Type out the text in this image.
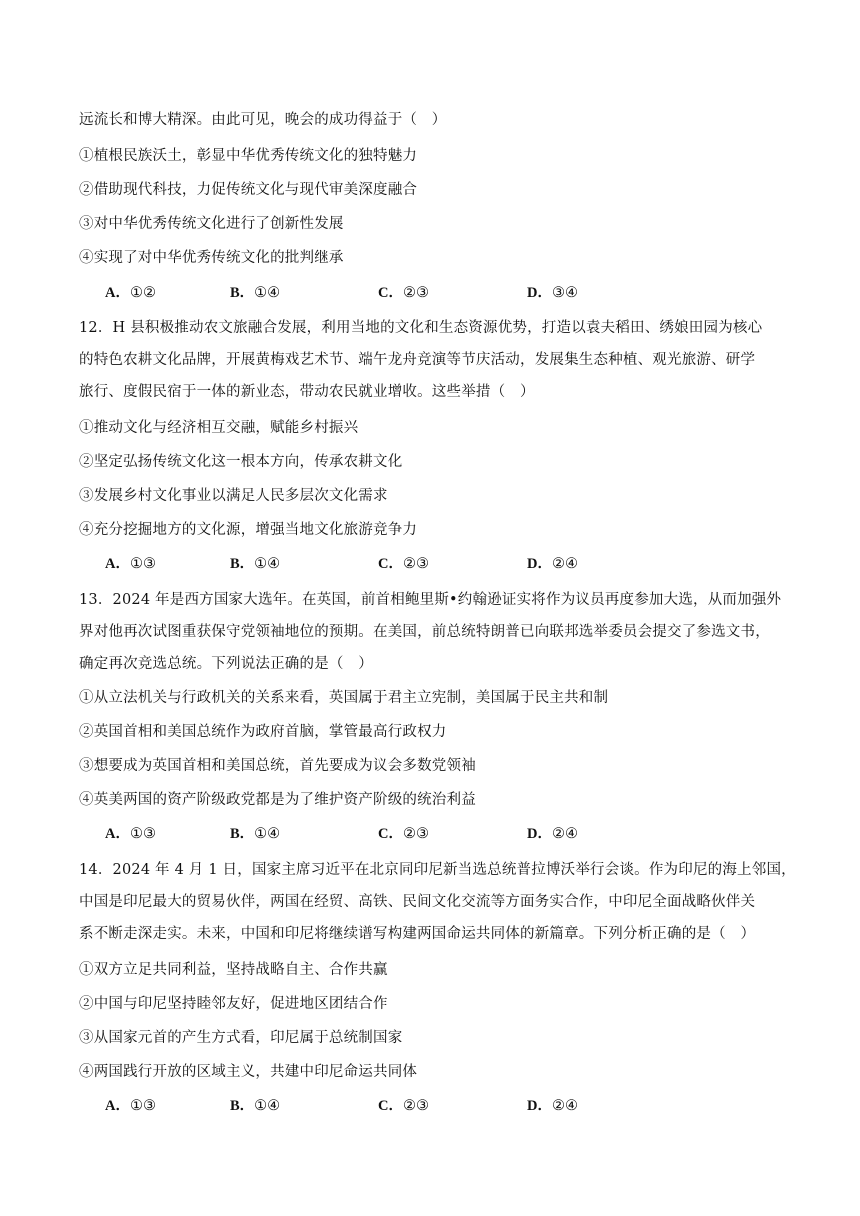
远流长和博大精深。由此可见，晚会的成功得益于（　）
①植根民族沃土，彰显中华优秀传统文化的独特魅力
②借助现代科技，力促传统文化与现代审美深度融合
③对中华优秀传统文化进行了创新性发展
④实现了对中华优秀传统文化的批判继承
A．①②	B．①④	C．②③	D．③④
12．H 县积极推动农文旅融合发展，利用当地的文化和生态资源优势，打造以袁夫稻田、绣娘田园为核心
的特色农耕文化品牌，开展黄梅戏艺术节、端午龙舟竞演等节庆活动，发展集生态种植、观光旅游、研学
旅行、度假民宿于一体的新业态，带动农民就业增收。这些举措（　）
①推动文化与经济相互交融，赋能乡村振兴
②坚定弘扬传统文化这一根本方向，传承农耕文化
③发展乡村文化事业以满足人民多层次文化需求
④充分挖掘地方的文化源，增强当地文化旅游竞争力
A．①③	B．①④	C．②③	D．②④
13．2024 年是西方国家大选年。在英国，前首相鲍里斯•约翰逊证实将作为议员再度参加大选，从而加强外
界对他再次试图重获保守党领袖地位的预期。在美国，前总统特朗普已向联邦选举委员会提交了参选文书，
确定再次竞选总统。下列说法正确的是（　）
①从立法机关与行政机关的关系来看，英国属于君主立宪制，美国属于民主共和制
②英国首相和美国总统作为政府首脑，掌管最高行政权力
③想要成为英国首相和美国总统，首先要成为议会多数党领袖
④英美两国的资产阶级政党都是为了维护资产阶级的统治利益
A．①③	B．①④	C．②③	D．②④
14．2024 年 4 月 1 日，国家主席习近平在北京同印尼新当选总统普拉博沃举行会谈。作为印尼的海上邻国，
中国是印尼最大的贸易伙伴，两国在经贸、高铁、民间文化交流等方面务实合作，中印尼全面战略伙伴关
系不断走深走实。未来，中国和印尼将继续谱写构建两国命运共同体的新篇章。下列分析正确的是（　）
①双方立足共同利益，坚持战略自主、合作共赢
②中国与印尼坚持睦邻友好，促进地区团结合作
③从国家元首的产生方式看，印尼属于总统制国家
④两国践行开放的区域主义，共建中印尼命运共同体
A．①③	B．①④	C．②③	D．②④
